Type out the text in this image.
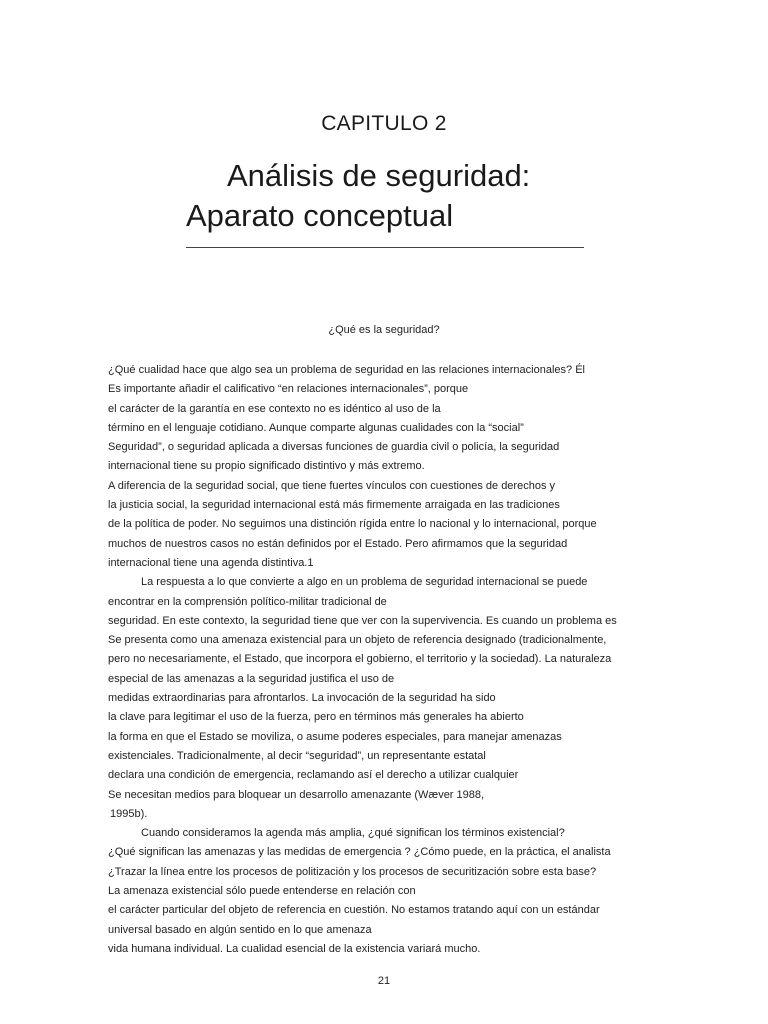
CAPITULO 2
Análisis de seguridad:
Aparato conceptual
¿Qué es la seguridad?
¿Qué cualidad hace que algo sea un problema de seguridad en las relaciones internacionales? Él
Es importante añadir el calificativo “en relaciones internacionales”, porque
el carácter de la garantía en ese contexto no es idéntico al uso de la
término en el lenguaje cotidiano. Aunque comparte algunas cualidades con la “social”
Seguridad”, o seguridad aplicada a diversas funciones de guardia civil o policía, la seguridad
internacional tiene su propio significado distintivo y más extremo.
A diferencia de la seguridad social, que tiene fuertes vínculos con cuestiones de derechos y
la justicia social, la seguridad internacional está más firmemente arraigada en las tradiciones
de la política de poder. No seguimos una distinción rígida entre lo nacional y lo internacional, porque
muchos de nuestros casos no están definidos por el Estado. Pero afirmamos que la seguridad
internacional tiene una agenda distintiva.1
La respuesta a lo que convierte a algo en un problema de seguridad internacional se puede
encontrar en la comprensión político-militar tradicional de
seguridad. En este contexto, la seguridad tiene que ver con la supervivencia. Es cuando un problema es
Se presenta como una amenaza existencial para un objeto de referencia designado (tradicionalmente,
pero no necesariamente, el Estado, que incorpora el gobierno, el territorio y la sociedad). La naturaleza
especial de las amenazas a la seguridad justifica el uso de
medidas extraordinarias para afrontarlos. La invocación de la seguridad ha sido
la clave para legitimar el uso de la fuerza, pero en términos más generales ha abierto
la forma en que el Estado se moviliza, o asume poderes especiales, para manejar amenazas
existenciales. Tradicionalmente, al decir “seguridad”, un representante estatal
declara una condición de emergencia, reclamando así el derecho a utilizar cualquier
Se necesitan medios para bloquear un desarrollo amenazante (Wæver 1988,
1995b).
Cuando consideramos la agenda más amplia, ¿qué significan los términos existencial?
¿Qué significan las amenazas y las medidas de emergencia ? ¿Cómo puede, en la práctica, el analista
¿Trazar la línea entre los procesos de politización y los procesos de securitización sobre esta base?
La amenaza existencial sólo puede entenderse en relación con
el carácter particular del objeto de referencia en cuestión. No estamos tratando aquí con un estándar
universal basado en algún sentido en lo que amenaza
vida humana individual. La cualidad esencial de la existencia variará mucho.
21
